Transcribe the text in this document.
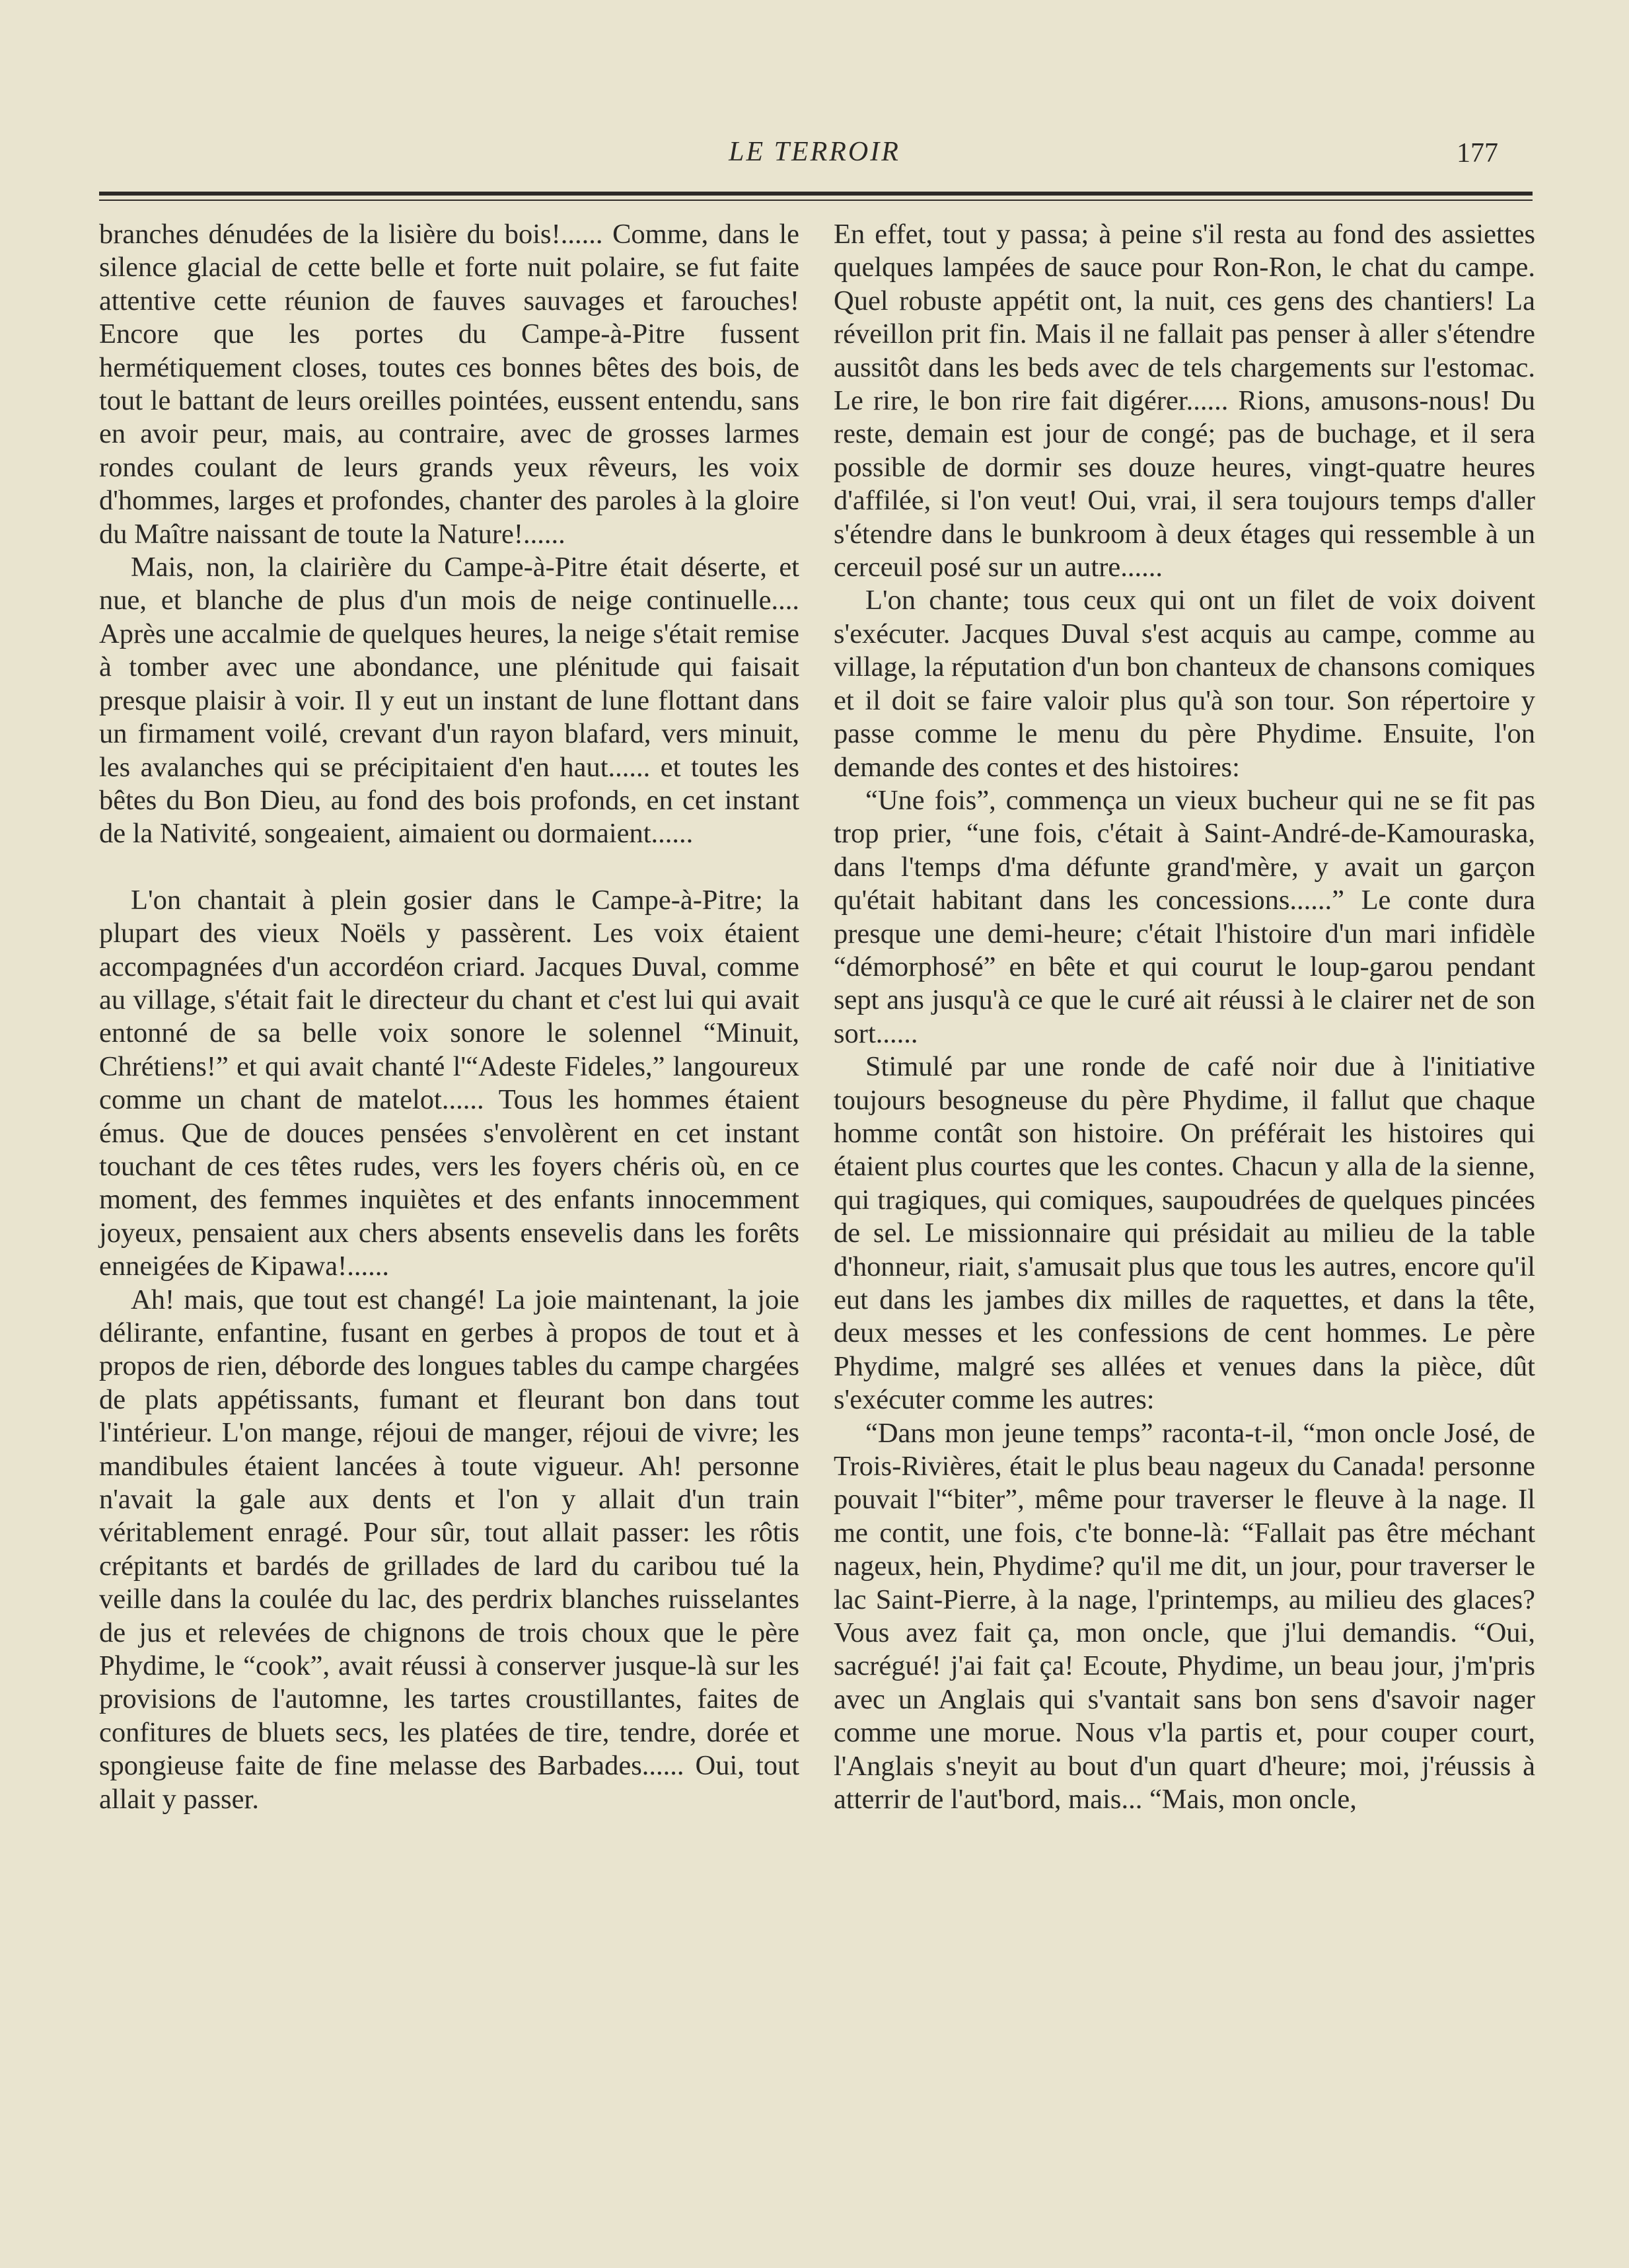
LE TERROIR	177

branches dénudées de la lisière du bois!...... Comme, dans le silence glacial de cette belle et forte nuit polaire, se fut faite attentive cette réunion de fauves sauvages et farouches! Encore que les portes du Campe-à-Pitre fussent hermétiquement closes, toutes ces bonnes bêtes des bois, de tout le battant de leurs oreilles pointées, eussent entendu, sans en avoir peur, mais, au contraire, avec de grosses larmes rondes coulant de leurs grands yeux rêveurs, les voix d'hommes, larges et profondes, chanter des paroles à la gloire du Maître naissant de toute la Nature!......

Mais, non, la clairière du Campe-à-Pitre était déserte, et nue, et blanche de plus d'un mois de neige continuelle.... Après une accalmie de quelques heures, la neige s'était remise à tomber avec une abondance, une plénitude qui faisait presque plaisir à voir. Il y eut un instant de lune flottant dans un firmament voilé, crevant d'un rayon blafard, vers minuit, les avalanches qui se précipitaient d'en haut...... et toutes les bêtes du Bon Dieu, au fond des bois profonds, en cet instant de la Nativité, songeaient, aimaient ou dormaient......

L'on chantait à plein gosier dans le Campe-à-Pitre; la plupart des vieux Noëls y passèrent. Les voix étaient accompagnées d'un accordéon criard. Jacques Duval, comme au village, s'était fait le directeur du chant et c'est lui qui avait entonné de sa belle voix sonore le solennel “Minuit, Chrétiens!” et qui avait chanté l'“Adeste Fideles,” langoureux comme un chant de matelot...... Tous les hommes étaient émus. Que de douces pensées s'envolèrent en cet instant touchant de ces têtes rudes, vers les foyers chéris où, en ce moment, des femmes inquiètes et des enfants innocemment joyeux, pensaient aux chers absents ensevelis dans les forêts enneigées de Kipawa!......

Ah! mais, que tout est changé! La joie maintenant, la joie délirante, enfantine, fusant en gerbes à propos de tout et à propos de rien, déborde des longues tables du campe chargées de plats appétissants, fumant et fleurant bon dans tout l'intérieur. L'on mange, réjoui de manger, réjoui de vivre; les mandibules étaient lancées à toute vigueur. Ah! personne n'avait la gale aux dents et l'on y allait d'un train véritablement enragé. Pour sûr, tout allait passer: les rôtis crépitants et bardés de grillades de lard du caribou tué la veille dans la coulée du lac, des perdrix blanches ruisselantes de jus et relevées de chignons de trois choux que le père Phydime, le “cook”, avait réussi à conserver jusque-là sur les provisions de l'automne, les tartes croustillantes, faites de confitures de bluets secs, les platées de tire, tendre, dorée et spongieuse faite de fine melasse des Barbades...... Oui, tout allait y passer.

En effet, tout y passa; à peine s'il resta au fond des assiettes quelques lampées de sauce pour Ron-Ron, le chat du campe. Quel robuste appétit ont, la nuit, ces gens des chantiers! La réveillon prit fin. Mais il ne fallait pas penser à aller s'étendre aussitôt dans les beds avec de tels chargements sur l'estomac. Le rire, le bon rire fait digérer...... Rions, amusons-nous! Du reste, demain est jour de congé; pas de buchage, et il sera possible de dormir ses douze heures, vingt-quatre heures d'affilée, si l'on veut! Oui, vrai, il sera toujours temps d'aller s'étendre dans le bunkroom à deux étages qui ressemble à un cerceuil posé sur un autre......

L'on chante; tous ceux qui ont un filet de voix doivent s'exécuter. Jacques Duval s'est acquis au campe, comme au village, la réputation d'un bon chanteux de chansons comiques et il doit se faire valoir plus qu'à son tour. Son répertoire y passe comme le menu du père Phydime. Ensuite, l'on demande des contes et des histoires:

“Une fois”, commença un vieux bucheur qui ne se fit pas trop prier, “une fois, c'était à Saint-André-de-Kamouraska, dans l'temps d'ma défunte grand'mère, y avait un garçon qu'était habitant dans les concessions......” Le conte dura presque une demi-heure; c'était l'histoire d'un mari infidèle “démorphosé” en bête et qui courut le loup-garou pendant sept ans jusqu'à ce que le curé ait réussi à le clairer net de son sort......

Stimulé par une ronde de café noir due à l'initiative toujours besogneuse du père Phydime, il fallut que chaque homme contât son histoire. On préférait les histoires qui étaient plus courtes que les contes. Chacun y alla de la sienne, qui tragiques, qui comiques, saupoudrées de quelques pincées de sel. Le missionnaire qui présidait au milieu de la table d'honneur, riait, s'amusait plus que tous les autres, encore qu'il eut dans les jambes dix milles de raquettes, et dans la tête, deux messes et les confessions de cent hommes. Le père Phydime, malgré ses allées et venues dans la pièce, dût s'exécuter comme les autres:

“Dans mon jeune temps” raconta-t-il, “mon oncle José, de Trois-Rivières, était le plus beau nageux du Canada! personne pouvait l'“biter”, même pour traverser le fleuve à la nage. Il me contit, une fois, c'te bonne-là: “Fallait pas être méchant nageux, hein, Phydime? qu'il me dit, un jour, pour traverser le lac Saint-Pierre, à la nage, l'printemps, au milieu des glaces? Vous avez fait ça, mon oncle, que j'lui demandis. “Oui, sacrégué! j'ai fait ça! Ecoute, Phydime, un beau jour, j'm'pris avec un Anglais qui s'vantait sans bon sens d'savoir nager comme une morue. Nous v'la partis et, pour couper court, l'Anglais s'neyit au bout d'un quart d'heure; moi, j'réussis à atterrir de l'aut'bord, mais... “Mais, mon oncle,
